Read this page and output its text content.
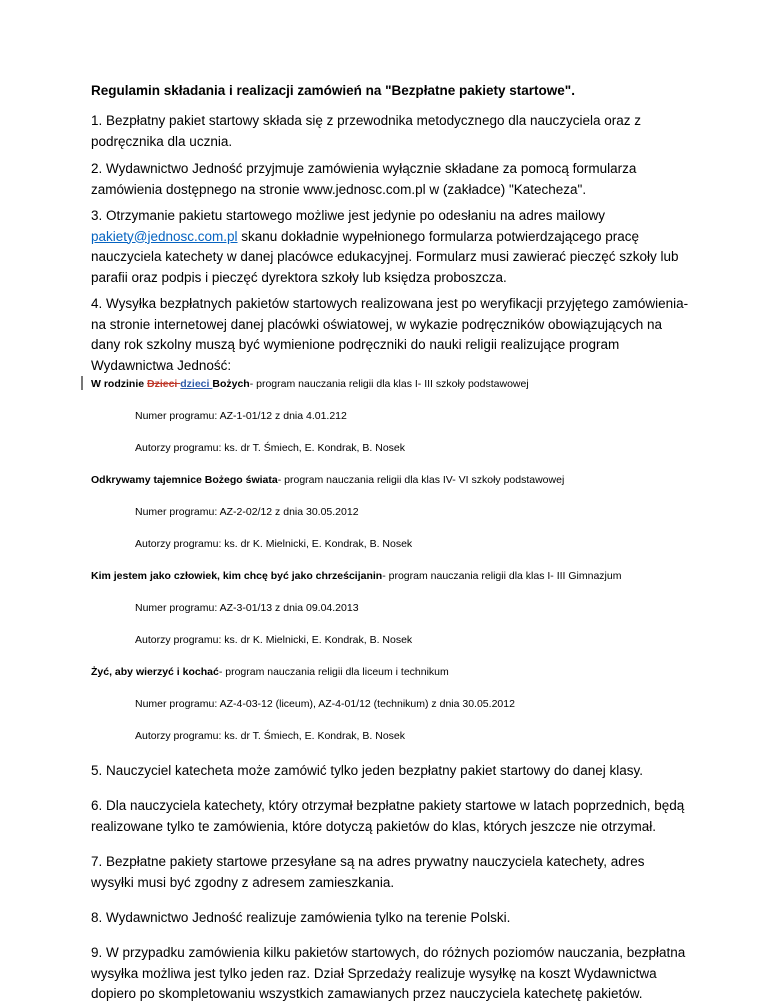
Regulamin składania i realizacji zamówień na "Bezpłatne pakiety startowe".
1. Bezpłatny pakiet startowy składa się z przewodnika metodycznego dla nauczyciela oraz z podręcznika dla ucznia.
2. Wydawnictwo Jedność przyjmuje zamówienia wyłącznie składane za pomocą formularza zamówienia dostępnego na stronie www.jednosc.com.pl w (zakładce) "Katecheza".
3. Otrzymanie pakietu startowego możliwe jest jedynie po odesłaniu na adres mailowy pakiety@jednosc.com.pl skanu dokładnie wypełnionego formularza potwierdzającego pracę nauczyciela katechety w danej placówce edukacyjnej. Formularz musi zawierać pieczęć szkoły lub parafii oraz podpis i pieczęć dyrektora szkoły lub księdza proboszcza.
4. Wysyłka bezpłatnych pakietów startowych realizowana jest po weryfikacji przyjętego zamówienia-na stronie internetowej danej placówki oświatowej, w wykazie podręczników obowiązujących na dany rok szkolny muszą być wymienione podręczniki do nauki religii realizujące program Wydawnictwa Jedność:
W rodzinie Dzieci dzieci Bożych- program nauczania religii dla klas I- III szkoły podstawowej
Numer programu: AZ-1-01/12 z dnia 4.01.212
Autorzy programu: ks. dr T. Śmiech, E. Kondrak, B. Nosek
Odkrywamy tajemnice Bożego świata- program nauczania religii dla klas IV- VI szkoły podstawowej
Numer programu: AZ-2-02/12 z dnia 30.05.2012
Autorzy programu: ks. dr K. Mielnicki, E. Kondrak, B. Nosek
Kim jestem jako człowiek, kim chcę być jako chrześcijanin- program nauczania religii dla klas I- III Gimnazjum
Numer programu: AZ-3-01/13 z dnia 09.04.2013
Autorzy programu: ks. dr K. Mielnicki, E. Kondrak, B. Nosek
Żyć, aby wierzyć i kochać- program nauczania religii dla liceum i technikum
Numer programu: AZ-4-03-12 (liceum), AZ-4-01/12 (technikum) z dnia 30.05.2012
Autorzy programu: ks. dr T. Śmiech, E. Kondrak, B. Nosek
5. Nauczyciel katecheta może zamówić tylko jeden bezpłatny pakiet startowy do danej klasy.
6. Dla nauczyciela katechety, który otrzymał bezpłatne pakiety startowe w latach poprzednich, będą realizowane tylko te zamówienia, które dotyczą pakietów do klas, których jeszcze nie otrzymał.
7. Bezpłatne pakiety startowe przesyłane są na adres prywatny nauczyciela katechety, adres wysyłki musi być zgodny z adresem zamieszkania.
8. Wydawnictwo Jedność realizuje zamówienia tylko na terenie Polski.
9. W przypadku zamówienia kilku pakietów startowych, do różnych poziomów nauczania, bezpłatna wysyłka możliwa jest tylko jeden raz. Dział Sprzedaży realizuje wysyłkę na koszt Wydawnictwa dopiero po skompletowaniu wszystkich zamawianych przez nauczyciela katechetę pakietów.
